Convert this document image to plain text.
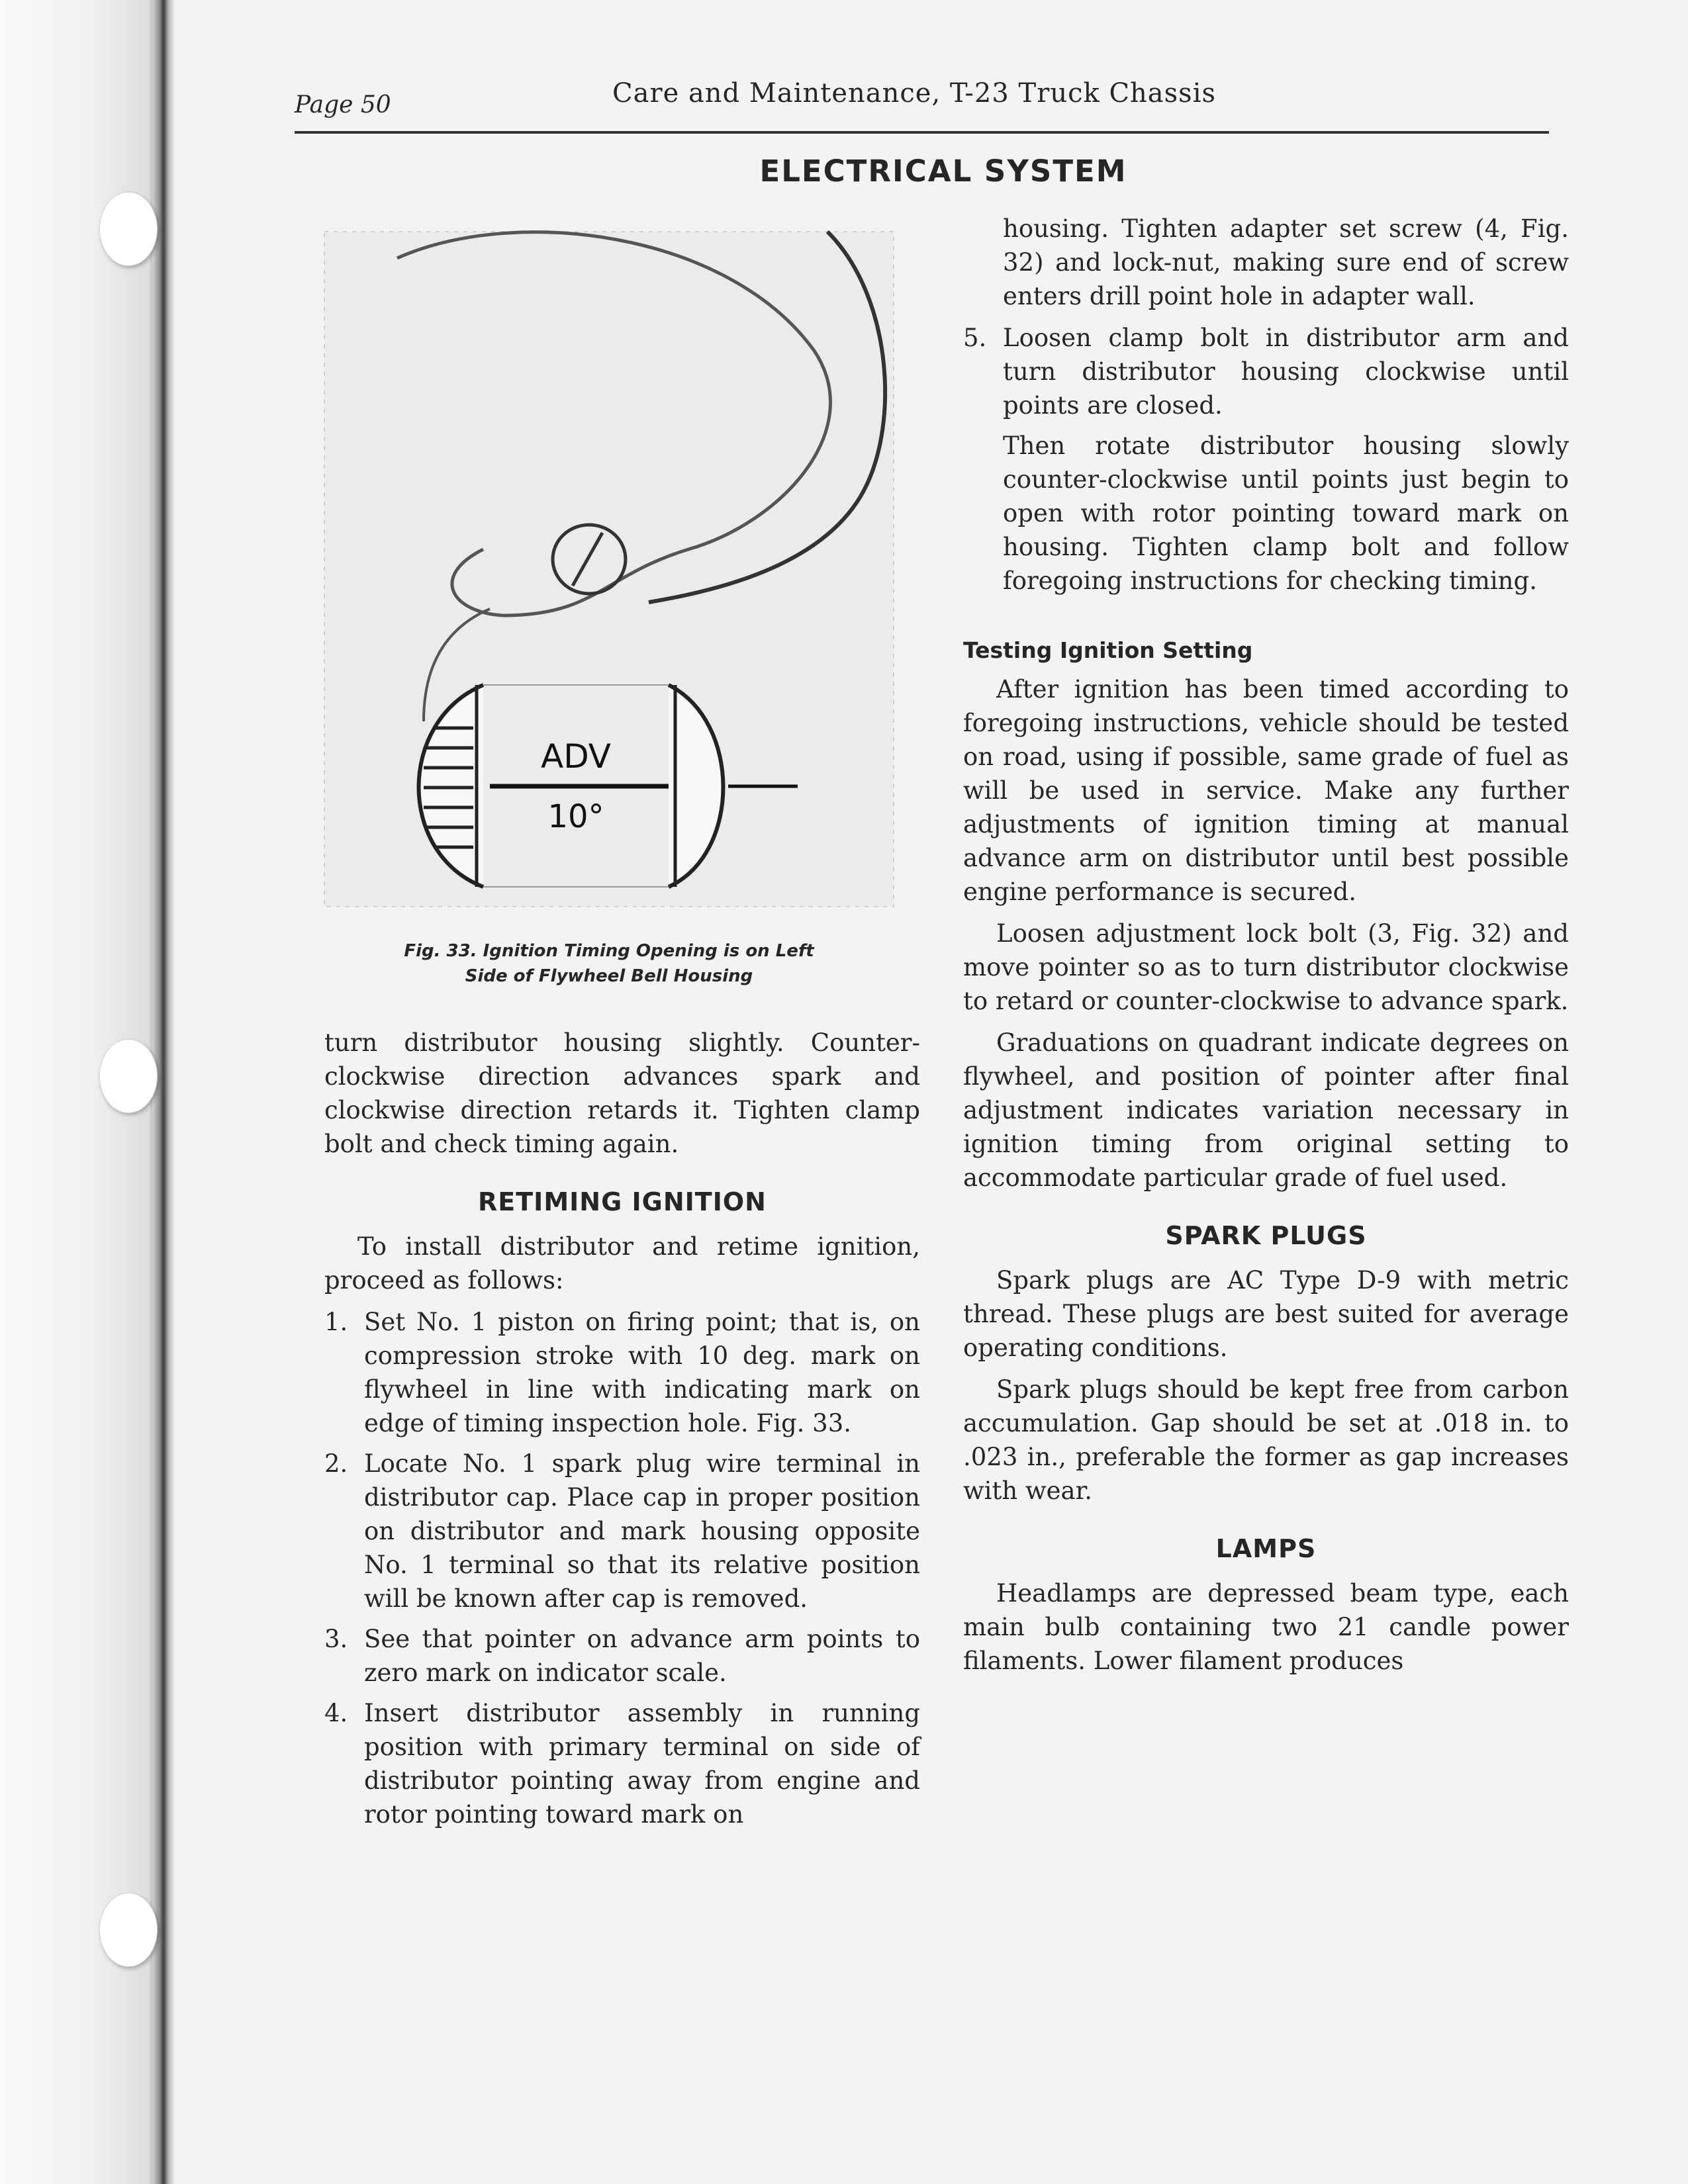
Page 50	Care and Maintenance, T-23 Truck Chassis
ELECTRICAL SYSTEM
ADV
10°
Fig. 33. Ignition Timing Opening is on Left
Side of Flywheel Bell Housing

turn distributor housing slightly. Counter-clockwise direction advances spark and clockwise direction retards it. Tighten clamp bolt and check timing again.

RETIMING IGNITION

To install distributor and retime ignition, proceed as follows:

1. Set No. 1 piston on firing point; that is, on compression stroke with 10 deg. mark on flywheel in line with indicating mark on edge of timing inspection hole. Fig. 33.
2. Locate No. 1 spark plug wire terminal in distributor cap. Place cap in proper position on distributor and mark housing opposite No. 1 terminal so that its relative position will be known after cap is removed.
3. See that pointer on advance arm points to zero mark on indicator scale.
4. Insert distributor assembly in running position with primary terminal on side of distributor pointing away from engine and rotor pointing toward mark on

housing. Tighten adapter set screw (4, Fig. 32) and lock-nut, making sure end of screw enters drill point hole in adapter wall.

5. Loosen clamp bolt in distributor arm and turn distributor housing clockwise until points are closed.

Then rotate distributor housing slowly counter-clockwise until points just begin to open with rotor pointing toward mark on housing. Tighten clamp bolt and follow foregoing instructions for checking timing.

Testing Ignition Setting

After ignition has been timed according to foregoing instructions, vehicle should be tested on road, using if possible, same grade of fuel as will be used in service. Make any further adjustments of ignition timing at manual advance arm on distributor until best possible engine performance is secured.

Loosen adjustment lock bolt (3, Fig. 32) and move pointer so as to turn distributor clockwise to retard or counter-clockwise to advance spark.

Graduations on quadrant indicate degrees on flywheel, and position of pointer after final adjustment indicates variation necessary in ignition timing from original setting to accommodate particular grade of fuel used.

SPARK PLUGS

Spark plugs are AC Type D-9 with metric thread. These plugs are best suited for average operating conditions.

Spark plugs should be kept free from carbon accumulation. Gap should be set at .018 in. to .023 in., preferable the former as gap increases with wear.

LAMPS

Headlamps are depressed beam type, each main bulb containing two 21 candle power filaments. Lower filament produces
